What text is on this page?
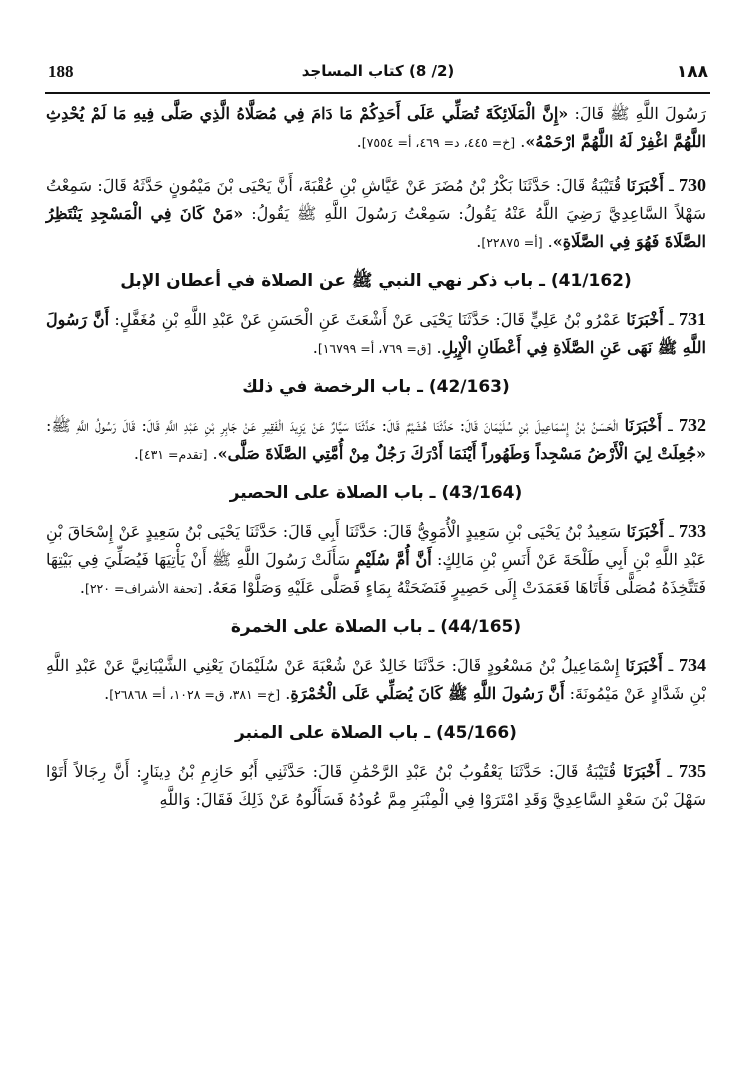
188	(2/ 8) كتاب المساجد	١٨٨

رَسُولَ اللَّهِ ﷺ قَالَ: «إِنَّ الْمَلَائِكَةَ تُصَلِّي عَلَى أَحَدِكُمْ مَا دَامَ فِي مُصَلَّاهُ الَّذِي صَلَّى فِيهِ مَا لَمْ يُحْدِثِ اللَّهُمَّ اغْفِرْ لَهُ اللَّهُمَّ ارْحَمْهُ». [خ= ٤٤٥، د= ٤٦٩، أ= ٧٥٥٤].

730 ـ أَخْبَرَنَا قُتَيْبَةُ قَالَ: حَدَّثَنَا بَكْرُ بْنُ مُضَرَ عَنْ عَيَّاشِ بْنِ عُقْبَةَ، أَنَّ يَحْيَى بْنَ مَيْمُونٍ حَدَّثَهُ قَالَ: سَمِعْتُ سَهْلاً السَّاعِدِيَّ رَضِيَ اللَّهُ عَنْهُ يَقُولُ: سَمِعْتُ رَسُولَ اللَّهِ ﷺ يَقُولُ: «مَنْ كَانَ فِي الْمَسْجِدِ يَنْتَظِرُ الصَّلَاةَ فَهُوَ فِي الصَّلَاةِ». [أ= ٢٢٨٧٥].

(41/162) ـ باب ذكر نهي النبي ﷺ عن الصلاة في أعطان الإبل

731 ـ أَخْبَرَنَا عَمْرُو بْنُ عَلِيٍّ قَالَ: حَدَّثَنَا يَحْيَى عَنْ أَشْعَثَ عَنِ الْحَسَنِ عَنْ عَبْدِ اللَّهِ بْنِ مُغَفَّلٍ: أَنَّ رَسُولَ اللَّهِ ﷺ نَهَى عَنِ الصَّلَاةِ فِي أَعْطَانِ الْإِبِلِ. [ق= ٧٦٩، أ= ١٦٧٩٩].

(42/163) ـ باب الرخصة في ذلك

732 ـ أَخْبَرَنَا الْحَسَنُ بْنُ إِسْمَاعِيلَ بْنِ سُلَيْمَانَ قَالَ: حَدَّثَنَا هُشَيْمٌ قَالَ: حَدَّثَنَا سَيَّارٌ عَنْ يَزِيدَ الْفَقِيرِ عَنْ جَابِرِ بْنِ عَبْدِ اللَّهِ قَالَ: قَالَ رَسُولُ اللَّهِ ﷺ: «جُعِلَتْ لِيَ الْأَرْضُ مَسْجِداً وَطَهُوراً أَيْنَمَا أَدْرَكَ رَجُلٌ مِنْ أُمَّتِي الصَّلَاةَ صَلَّى». [تقدم= ٤٣١].

(43/164) ـ باب الصلاة على الحصير

733 ـ أَخْبَرَنَا سَعِيدُ بْنُ يَحْيَى بْنِ سَعِيدٍ الْأُمَوِيُّ قَالَ: حَدَّثَنَا أَبِي قَالَ: حَدَّثَنَا يَحْيَى بْنُ سَعِيدٍ عَنْ إِسْحَاقَ بْنِ عَبْدِ اللَّهِ بْنِ أَبِي طَلْحَةَ عَنْ أَنَسِ بْنِ مَالِكٍ: أَنَّ أُمَّ سُلَيْمٍ سَأَلَتْ رَسُولَ اللَّهِ ﷺ أَنْ يَأْتِيَهَا فَيُصَلِّيَ فِي بَيْتِهَا فَتَتَّخِذَهُ مُصَلًّى فَأَتَاهَا فَعَمَدَتْ إِلَى حَصِيرٍ فَنَضَحَتْهُ بِمَاءٍ فَصَلَّى عَلَيْهِ وَصَلَّوْا مَعَهُ. [تحفة الأشراف= ٢٢٠].

(44/165) ـ باب الصلاة على الخمرة

734 ـ أَخْبَرَنَا إِسْمَاعِيلُ بْنُ مَسْعُودٍ قَالَ: حَدَّثَنَا خَالِدٌ عَنْ شُعْبَةَ عَنْ سُلَيْمَانَ يَعْنِي الشَّيْبَانِيَّ عَنْ عَبْدِ اللَّهِ بْنِ شَدَّادٍ عَنْ مَيْمُونَةَ: أَنَّ رَسُولَ اللَّهِ ﷺ كَانَ يُصَلِّي عَلَى الْخُمْرَةِ. [خ= ٣٨١، ق= ١٠٢٨، أ= ٢٦٨٦٨].

(45/166) ـ باب الصلاة على المنبر

735 ـ أَخْبَرَنَا قُتَيْبَةُ قَالَ: حَدَّثَنَا يَعْقُوبُ بْنُ عَبْدِ الرَّحْمَٰنِ قَالَ: حَدَّثَنِي أَبُو حَازِمِ بْنُ دِينَارٍ: أَنَّ رِجَالاً أَتَوْا سَهْلَ بْنَ سَعْدٍ السَّاعِدِيَّ وَقَدِ امْتَرَوْا فِي الْمِنْبَرِ مِمَّ عُودُهُ فَسَأَلُوهُ عَنْ ذَلِكَ فَقَالَ: وَاللَّهِ
